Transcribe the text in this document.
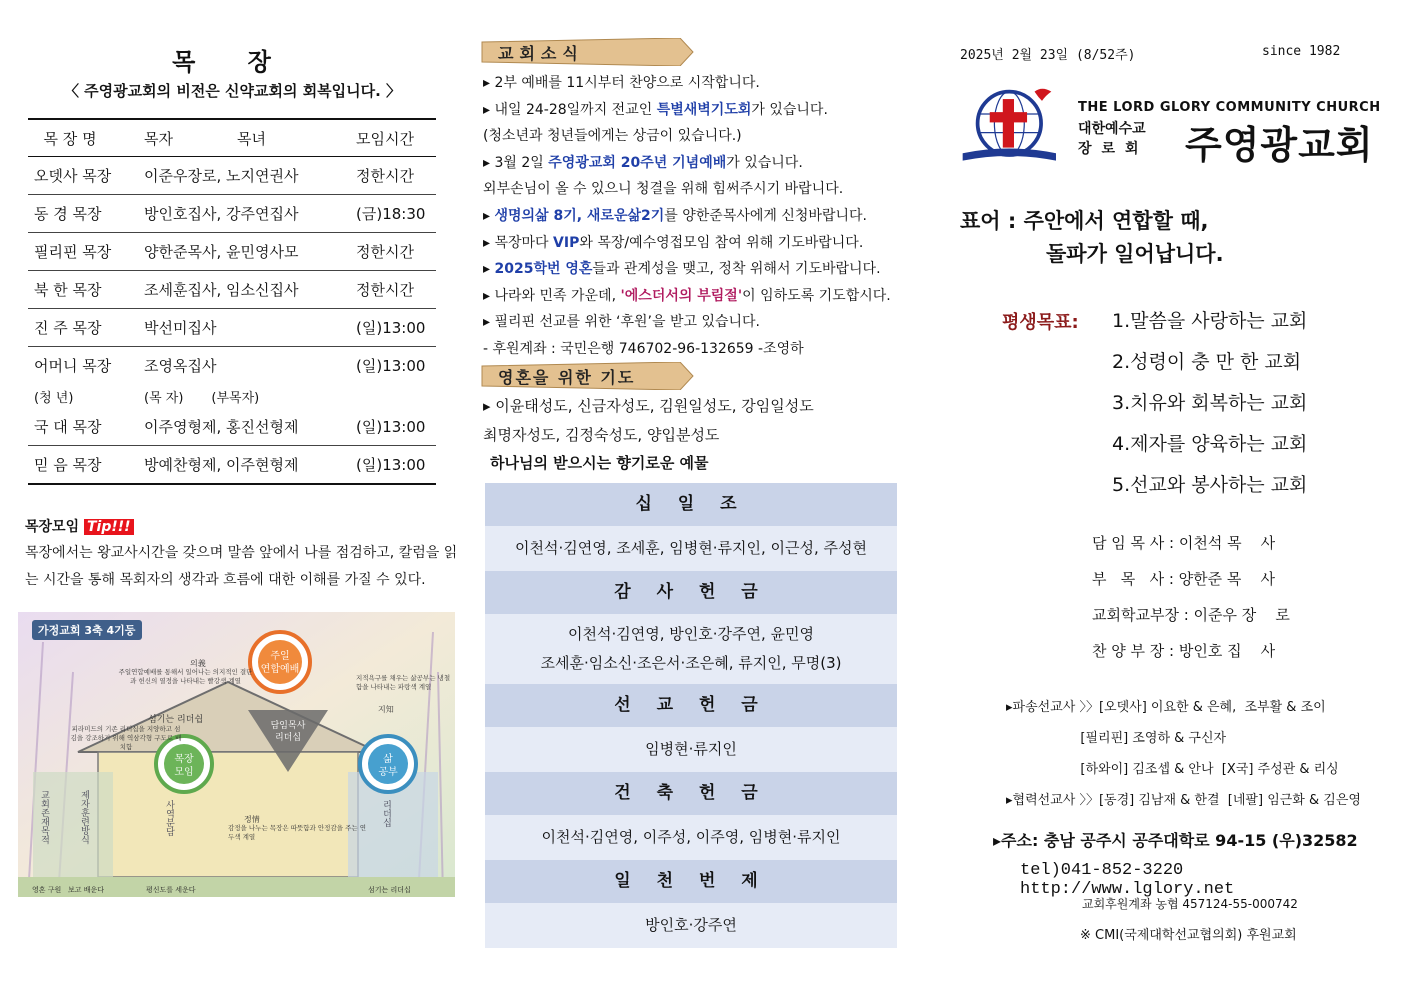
목 장
〈 주영광교회의 비전은 신약교회의 회복입니다. 〉
목 장 명	목자 목녀	모임시간
오뎃사 목장	이준우장로, 노지연권사	정한시간
동 경 목장	방인호집사, 강주연집사	(금)18:30
필리핀 목장	양한준목사, 윤민영사모	정한시간
북 한 목장	조세훈집사, 임소신집사	정한시간
진 주 목장	박선미집사	(일)13:00
어머니 목장	조영옥집사	(일)13:00
(청 년)	(목 자) (부목자)	
국 대 목장	이주영형제, 홍진선형제	(일)13:00
믿 음 목장	방예찬형제, 이주현형제	(일)13:00
목장모임 Tip!!!
목장에서는 왕교사시간을 갖으며 말씀 앞에서 나를 점검하고, 칼럼을 읽는 시간을 통해 목회자의 생각과 흐름에 대한 이해를 가질 수 있다.
담임목사
리더십
주일
연합예배
목장
모임
삶
공부
가정교회 3축 4기둥
의義
주일연합예배를 통해서 일어나는 의지적인 결단과 헌신의 열정을 나타내는 빨강색 계열	지적욕구를 채우는 삶공부는 냉철함을 나타내는 파랑색 계열
지知
섬기는 리더쉽
피라미드의 기존 리더십을 지양하고 섬김을 강조하기 위해 역삼각형 구도로 배치함
정情
감정을 나누는 목장은 따뜻함과 안정감을 주는 연두색 계열
교회존재목적	제자훈련방식	사역분담	리더십
영혼 구원 보고 배운다	평신도를 세운다	섬기는 리더십
교회소식
▸ 2부 예배를 11시부터 찬양으로 시작합니다.
▸ 내일 24-28일까지 전교인 특별새벽기도회가 있습니다.
(청소년과 청년들에게는 상금이 있습니다.)
▸ 3월 2일 주영광교회 20주년 기념예배가 있습니다.
외부손님이 올 수 있으니 청결을 위해 힘써주시기 바랍니다.
▸ 생명의삶 8기, 새로운삶2기를 양한준목사에게 신청바랍니다.
▸ 목장마다 VIP와 목장/예수영접모임 참여 위해 기도바랍니다.
▸ 2025학번 영혼들과 관계성을 맺고, 정착 위해서 기도바랍니다.
▸ 나라와 민족 가운데, '에스더서의 부림절'이 임하도록 기도합시다.
▸ 필리핀 선교를 위한 ‘후원’을 받고 있습니다.
- 후원계좌 : 국민은행 746702-96-132659 -조영하
영혼을 위한 기도
▸ 이윤태성도, 신금자성도, 김원일성도, 강임일성도
최명자성도, 김정숙성도, 양입분성도
하나님의 받으시는 향기로운 예물
십 일 조
이천석·김연영, 조세훈, 임병현·류지인, 이근성, 주성현
감 사 헌 금
이천석·김연영, 방인호·강주연, 윤민영
조세훈·임소신·조은서·조은혜, 류지인, 무명(3)
선 교 헌 금
임병현·류지인
건 축 헌 금
이천석·김연영, 이주성, 이주영, 임병현·류지인
일 천 번 제
방인호·강주연
2025년 2월 23일 (8/52주)	since 1982
THE LORD GLORY COMMUNITY CHURCH
대한예수교
장로회 주영광교회
표어 : 주안에서 연합할 때,
돌파가 일어납니다.
평생목표: 1.말씀을 사랑하는 교회
2.성령이 충 만 한 교회
3.치유와 회복하는 교회
4.제자를 양육하는 교회
5.선교와 봉사하는 교회
담 임 목 사 : 이천석 목    사
부   목   사 : 양한준 목    사
교회학교부장 : 이준우 장    로
찬 양 부 장 : 방인호 집    사
▸파송선교사 〉〉[오뎃사] 이요한 & 은혜,  조부활 & 조이
[필리핀] 조영하 & 구신자
[하와이] 김조셉 & 안나  [X국] 주성관 & 리싱
▸협력선교사 〉〉[동경] 김남재 & 한결  [네팔] 임근화 & 김은영
▸주소: 충남 공주시 공주대학로 94-15 (우)32582
tel)041-852-3220 http://www.lglory.net
교회후원계좌 농협 457124-55-000742
※ CMI(국제대학선교협의회) 후원교회
